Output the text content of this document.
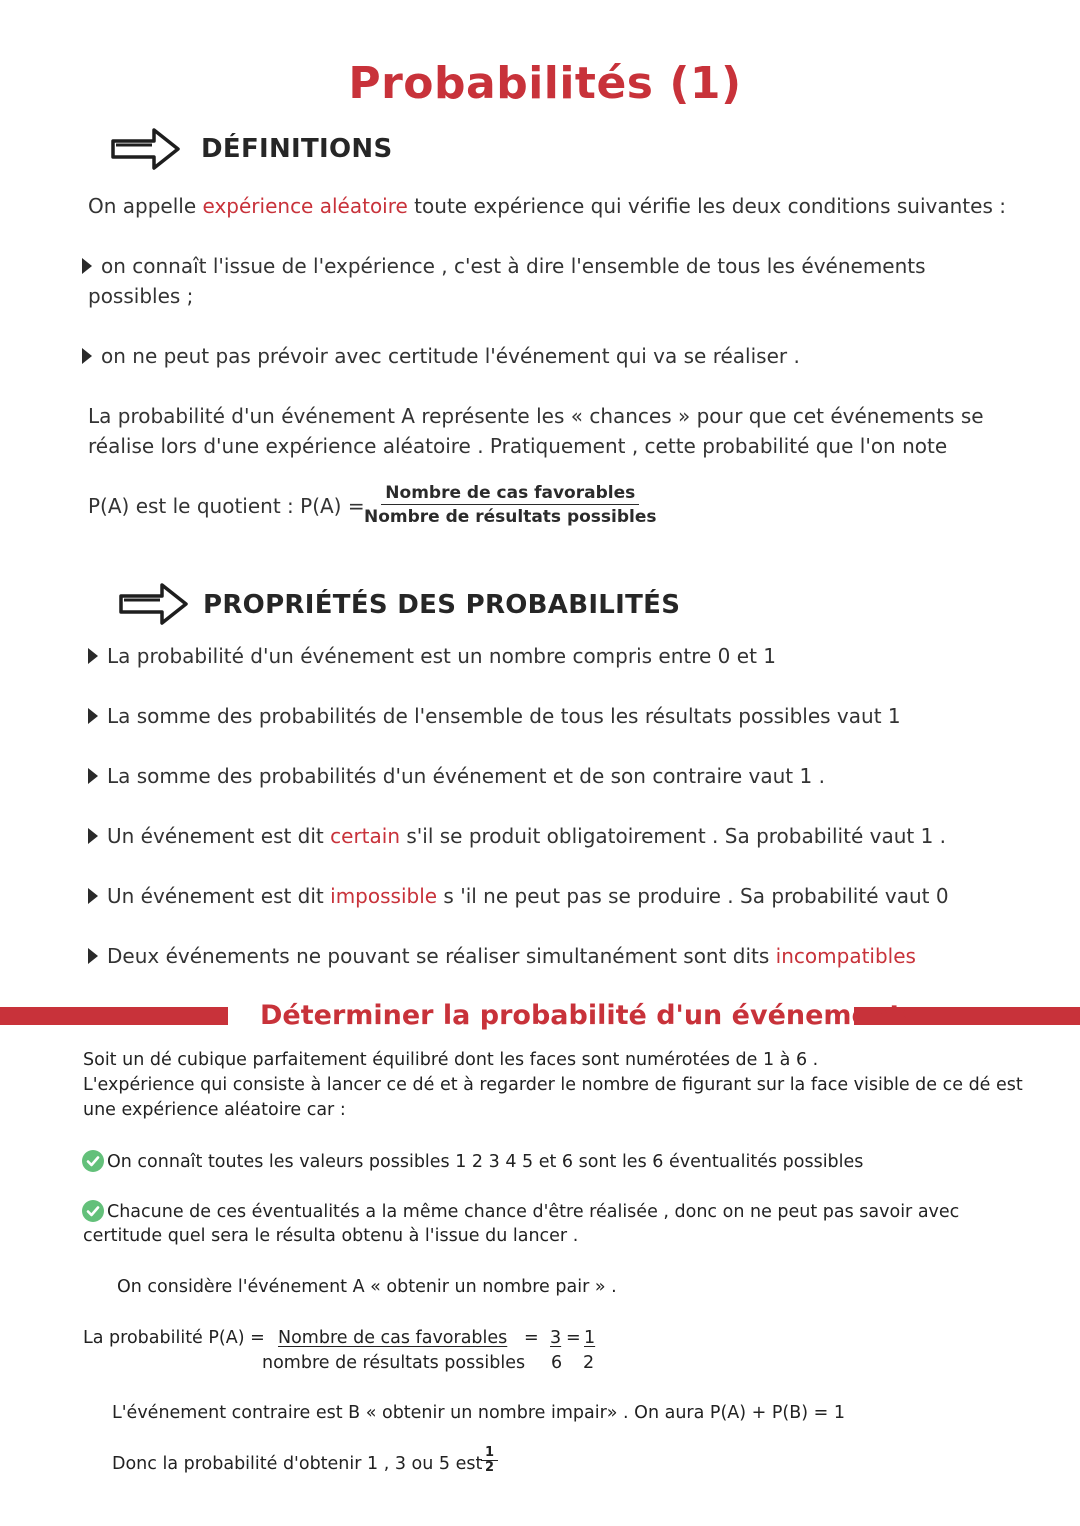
Probabilités (1)
DÉFINITIONS
On appelle expérience aléatoire toute expérience qui vérifie les deux conditions suivantes :
on connaît l'issue de l'expérience , c'est à dire l'ensemble de tous les événements
possibles ;
on ne peut pas prévoir avec certitude l'événement qui va se réaliser .
La probabilité d'un événement A représente les « chances » pour que cet événements se
réalise lors d'une expérience aléatoire . Pratiquement , cette probabilité que l'on note
P(A) est le quotient : P(A) =
Nombre de cas favorables
Nombre de résultats possibles
PROPRIÉTÉS DES PROBABILITÉS
La probabilité d'un événement est un nombre compris entre 0 et 1
La somme des probabilités de l'ensemble de tous les résultats possibles vaut 1
La somme des probabilités d'un événement et de son contraire vaut 1 .
Un événement est dit certain s'il se produit obligatoirement . Sa probabilité vaut 1 .
Un événement est dit impossible s 'il ne peut pas se produire . Sa probabilité vaut 0
Deux événements ne pouvant se réaliser simultanément sont dits incompatibles
Déterminer la probabilité d'un événements
Soit un dé cubique parfaitement équilibré dont les faces sont numérotées de 1 à 6 .
L'expérience qui consiste à lancer ce dé et à regarder le nombre de figurant sur la face visible de ce dé est
une expérience aléatoire car :
On connaît toutes les valeurs possibles 1 2 3 4 5 et 6 sont les 6 éventualités possibles
Chacune de ces éventualités a la même chance d'être réalisée , donc on ne peut pas savoir avec
certitude quel sera le résulta obtenu à l'issue du lancer .
On considère l'événement A « obtenir un nombre pair » .
La probabilité P(A) = Nombre de cas favorables
nombre de résultats possibles
= 3
6
= 1
2
L'événement contraire est B « obtenir un nombre impair» . On aura P(A) + P(B) = 1
Donc la probabilité d'obtenir 1 , 3 ou 5 est
$\frac{1}{2}$
